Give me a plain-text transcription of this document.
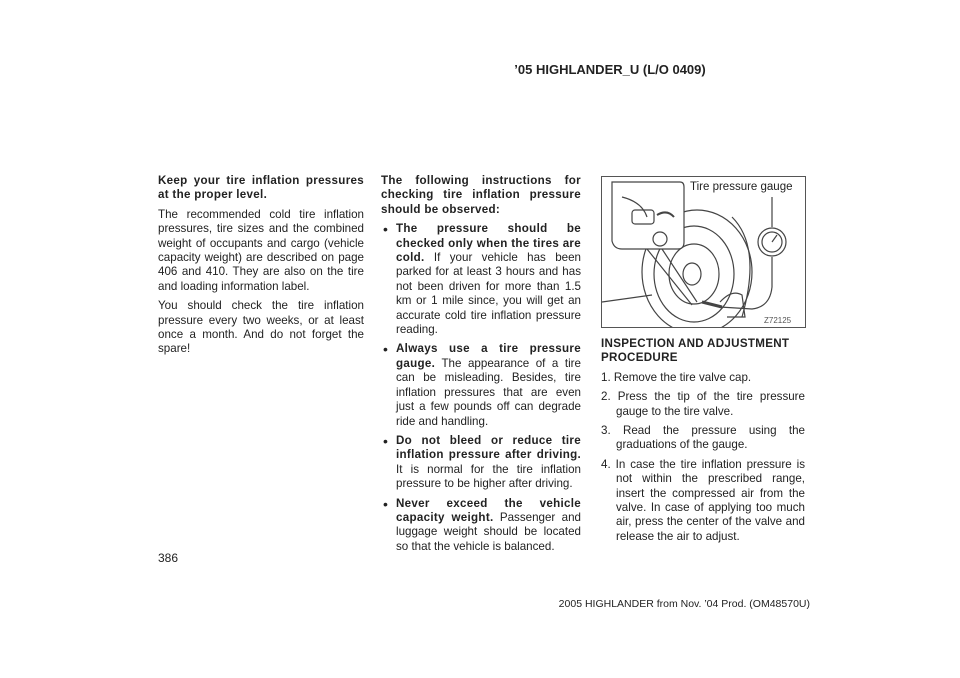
’05 HIGHLANDER_U (L/O 0409)

Keep your tire inflation pressures at the proper level.

The recommended cold tire inflation pressures, tire sizes and the combined weight of occupants and cargo (vehicle capacity weight) are described on page 406 and 410. They are also on the tire and loading information label.

You should check the tire inflation pressure every two weeks, or at least once a month. And do not forget the spare!

The following instructions for checking tire inflation pressure should be observed:

• The pressure should be checked only when the tires are cold. If your vehicle has been parked for at least 3 hours and has not been driven for more than 1.5 km or 1 mile since, you will get an accurate cold tire inflation pressure reading.
• Always use a tire pressure gauge. The appearance of a tire can be misleading. Besides, tire inflation pressures that are even just a few pounds off can degrade ride and handling.
• Do not bleed or reduce tire inflation pressure after driving. It is normal for the tire inflation pressure to be higher after driving.
• Never exceed the vehicle capacity weight. Passenger and luggage weight should be located so that the vehicle is balanced.
Tire pressure gauge
Z72125

INSPECTION AND ADJUSTMENT PROCEDURE

1. Remove the tire valve cap.
2. Press the tip of the tire pressure gauge to the tire valve.
3. Read the pressure using the graduations of the gauge.
4. In case the tire inflation pressure is not within the prescribed range, insert the compressed air from the valve. In case of applying too much air, press the center of the valve and release the air to adjust.
386
2005 HIGHLANDER from Nov. ’04 Prod. (OM48570U)
